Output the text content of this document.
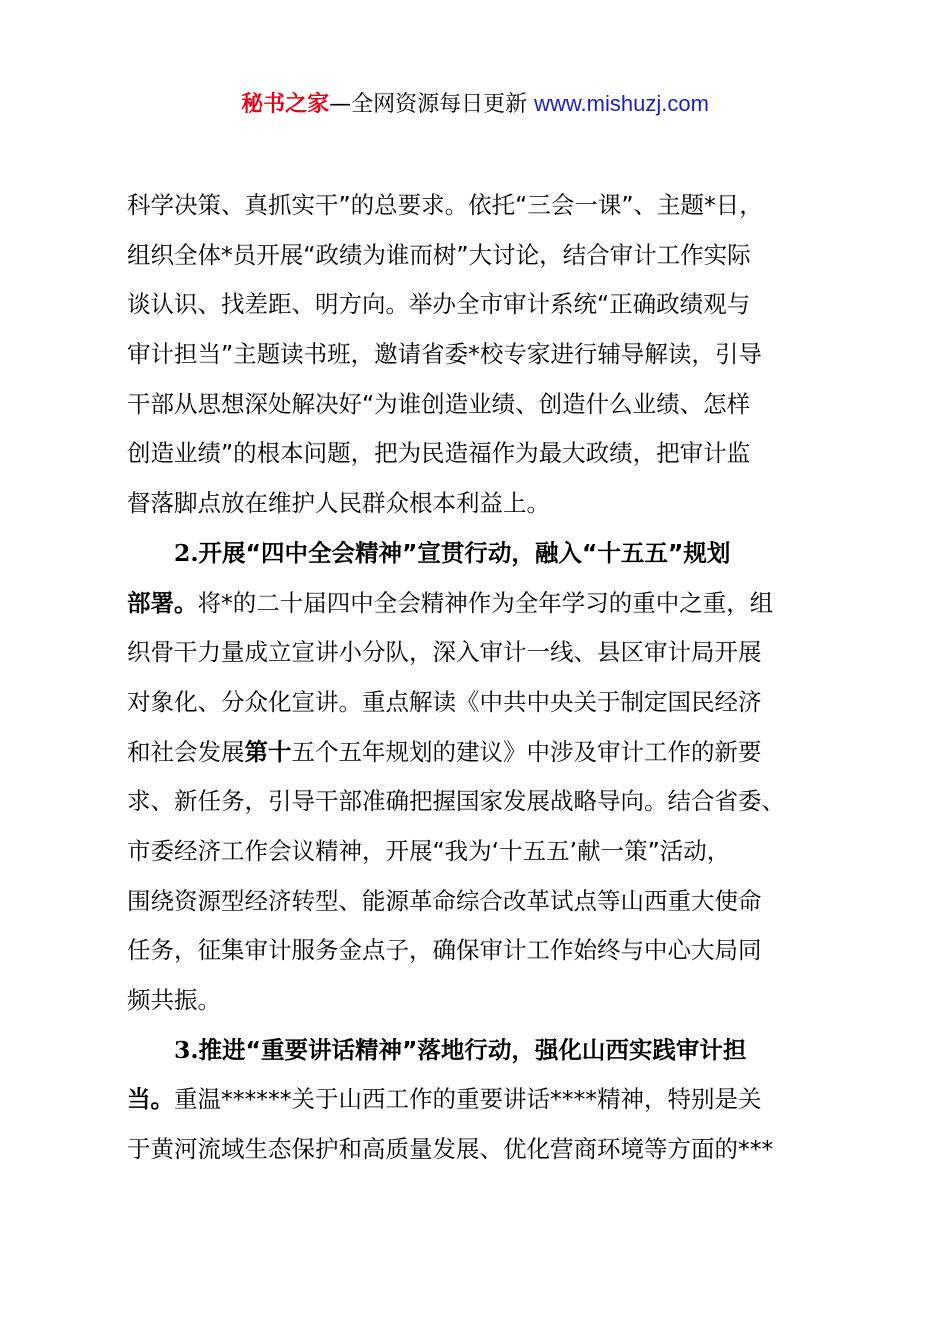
秘书之家—全网资源每日更新 www.mishuzj.com
科学决策、真抓实干”的总要求。依托“三会一课”、主题*日，
组织全体*员开展“政绩为谁而树”大讨论，结合审计工作实际
谈认识、找差距、明方向。举办全市审计系统“正确政绩观与
审计担当”主题读书班，邀请省委*校专家进行辅导解读，引导
干部从思想深处解决好“为谁创造业绩、创造什么业绩、怎样
创造业绩”的根本问题，把为民造福作为最大政绩，把审计监
督落脚点放在维护人民群众根本利益上。
2.开展“四中全会精神”宣贯行动，融入“十五五”规划
部署。将*的二十届四中全会精神作为全年学习的重中之重，组
织骨干力量成立宣讲小分队，深入审计一线、县区审计局开展
对象化、分众化宣讲。重点解读《中共中央关于制定国民经济
和社会发展第十五个五年规划的建议》中涉及审计工作的新要
求、新任务，引导干部准确把握国家发展战略导向。结合省委、
市委经济工作会议精神，开展“我为‘十五五’献一策”活动，
围绕资源型经济转型、能源革命综合改革试点等山西重大使命
任务，征集审计服务金点子，确保审计工作始终与中心大局同
频共振。
3.推进“重要讲话精神”落地行动，强化山西实践审计担
当。重温******关于山西工作的重要讲话****精神，特别是关
于黄河流域生态保护和高质量发展、优化营商环境等方面的***
